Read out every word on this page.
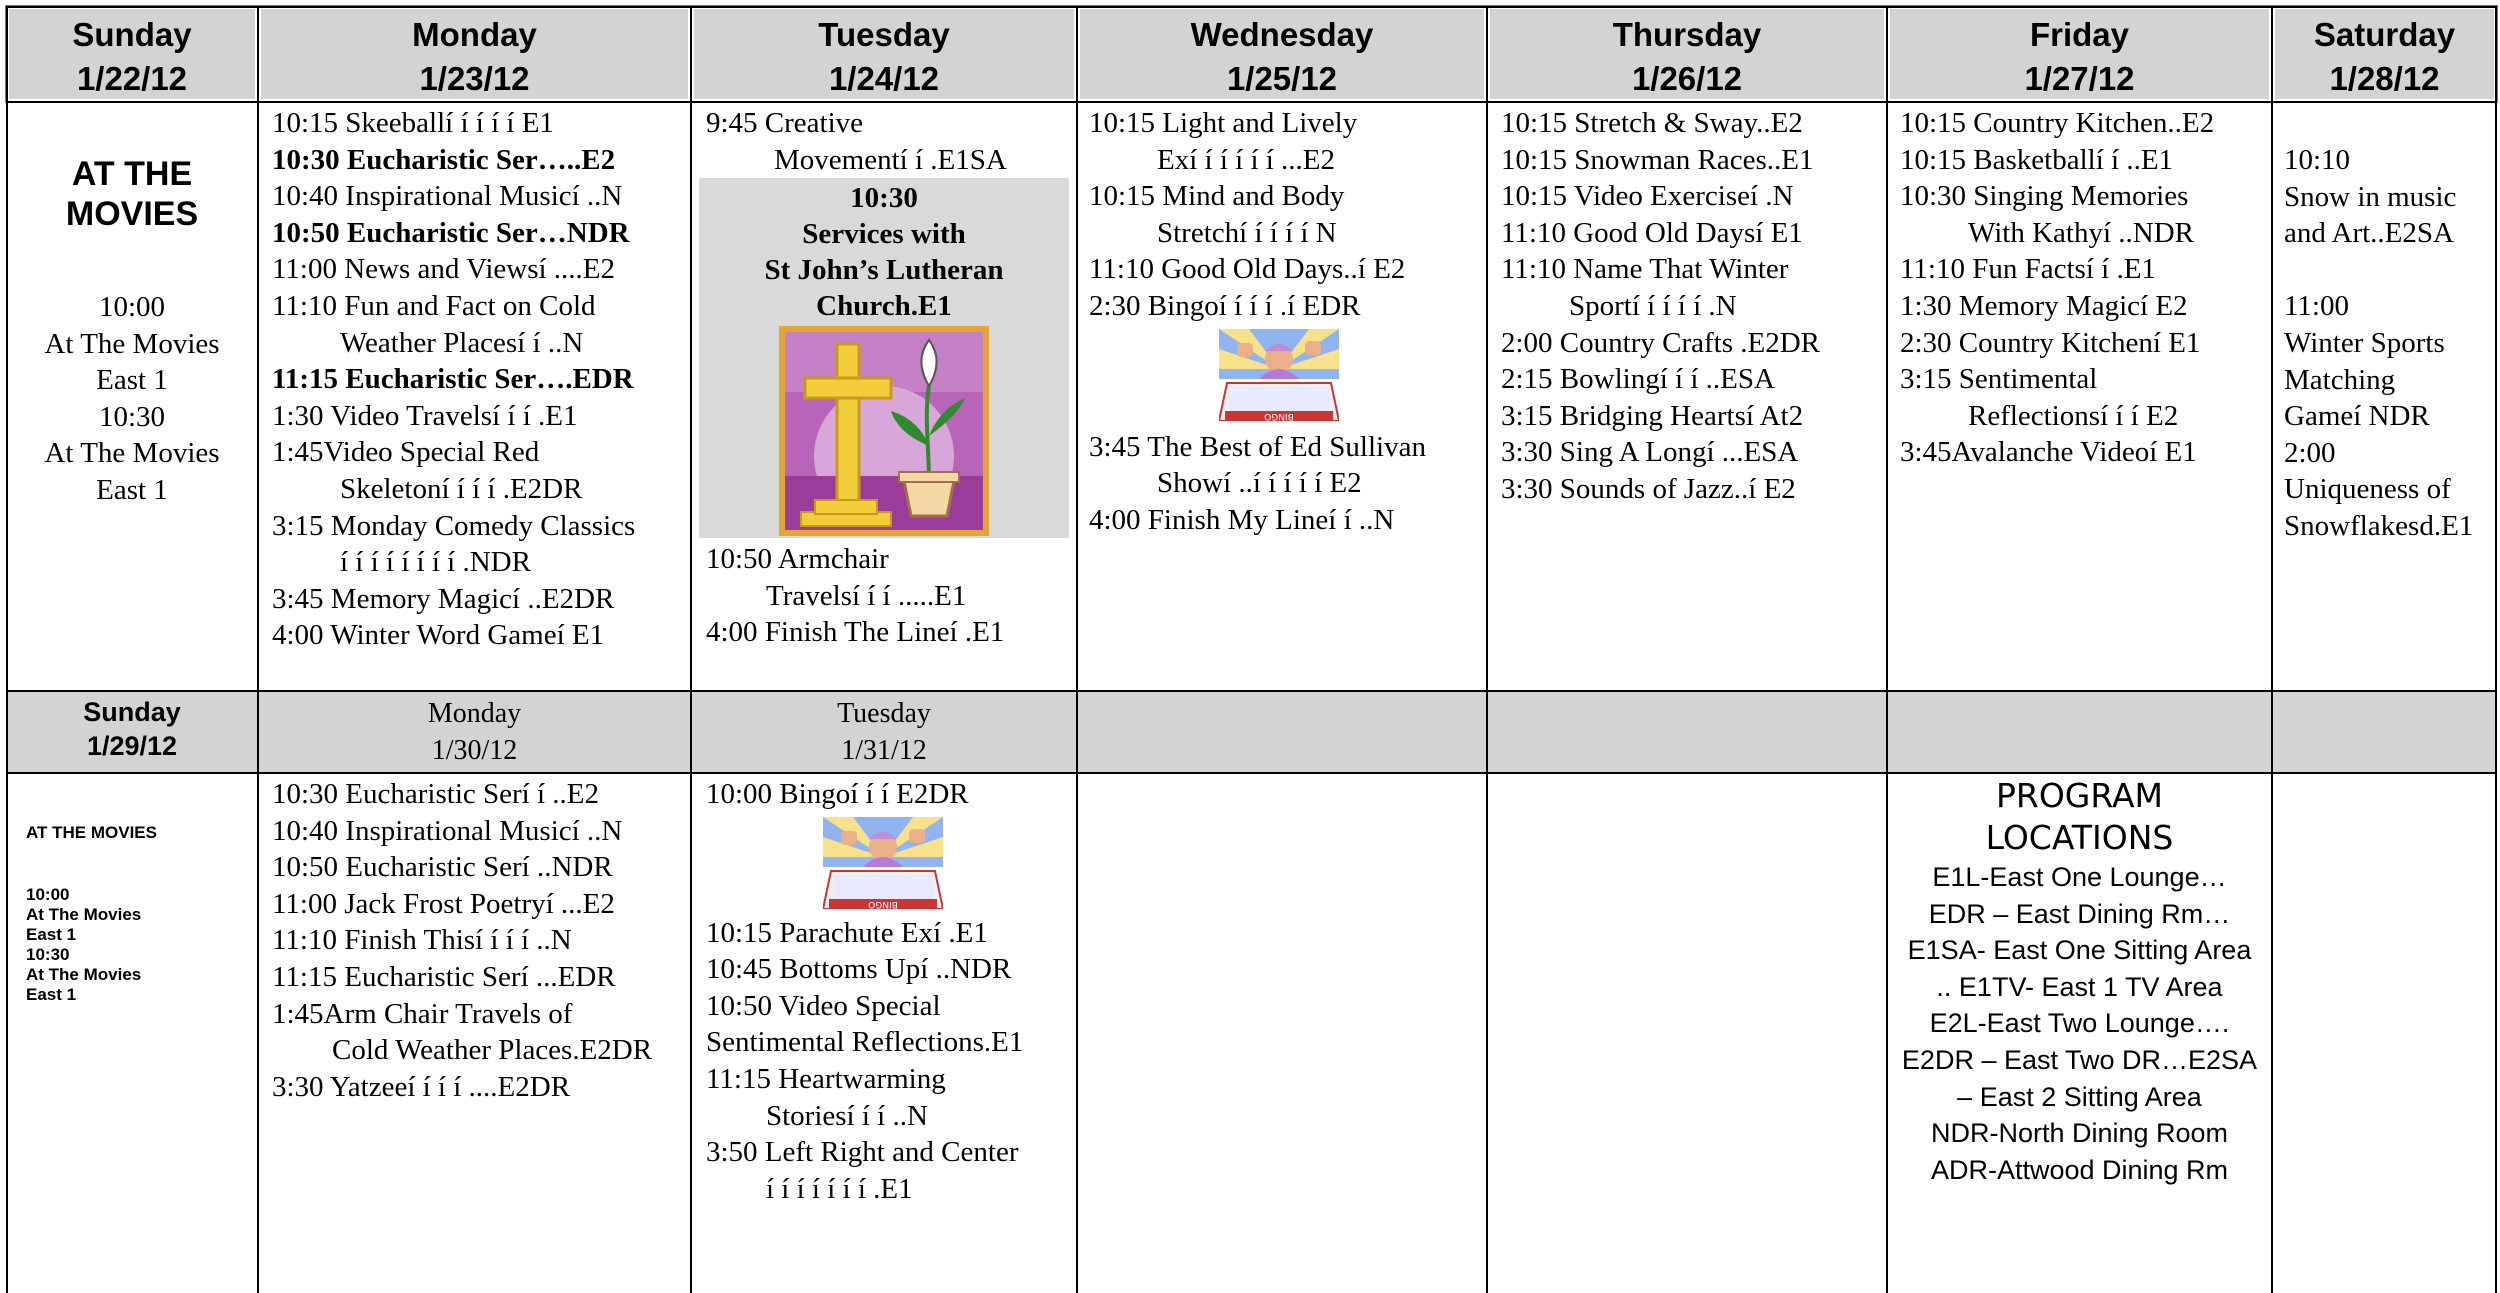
Sunday
1/22/12
Monday
1/23/12
Tuesday
1/24/12
Wednesday
1/25/12
Thursday
1/26/12
Friday
1/27/12
Saturday
1/28/12
AT THE
MOVIES
10:00
At The Movies
East 1
10:30
At The Movies
East 1
10:15 Skeeballí í í í í E1
10:30 Eucharistic Ser…..E2
10:40 Inspirational Musicí ..N
10:50 Eucharistic Ser…NDR
11:00 News and Viewsí ....E2
11:10 Fun and Fact on Cold
Weather Placesí í ..N
11:15 Eucharistic Ser….EDR
1:30 Video Travelsí í í .E1
1:45Video Special Red
Skeletoní í í í .E2DR
3:15 Monday Comedy Classics
í í í í í í í í .NDR
3:45 Memory Magicí ..E2DR
4:00 Winter Word Gameí E1
9:45 Creative
Movementí í .E1SA
10:30
Services with
St John’s Lutheran
Church.E1
10:50 Armchair
Travelsí í í .....E1
4:00 Finish The Lineí .E1
10:15 Light and Lively
Exí í í í í í ...E2
10:15 Mind and Body
Stretchí í í í í N
11:10 Good Old Days..í E2
2:30 Bingoí í í í .í EDR
BINGO
3:45 The Best of Ed Sullivan
Showí ..í í í í í E2
4:00 Finish My Lineí í ..N
10:15 Stretch & Sway..E2
10:15 Snowman Races..E1
10:15 Video Exerciseí .N
11:10 Good Old Daysí E1
11:10 Name That Winter
Sportí í í í í .N
2:00 Country Crafts .E2DR
2:15 Bowlingí í í ..ESA
3:15 Bridging Heartsí At2
3:30 Sing A Longí ...ESA
3:30 Sounds of Jazz..í E2
10:15 Country Kitchen..E2
10:15 Basketballí í ..E1
10:30 Singing Memories
With Kathyí ..NDR
11:10 Fun Factsí í .E1
1:30 Memory Magicí E2
2:30 Country Kitchení E1
3:15 Sentimental
Reflectionsí í í E2
3:45Avalanche Videoí E1
10:10
Snow in music
and Art..E2SA

11:00
Winter Sports
Matching
Gameí NDR
2:00
Uniqueness of
Snowflakesd.E1
Sunday
1/29/12
Monday
1/30/12
Tuesday
1/31/12
AT THE MOVIES
10:00
At The Movies
East 1
10:30
At The Movies
East 1
10:30 Eucharistic Serí í ..E2
10:40 Inspirational Musicí ..N
10:50 Eucharistic Serí ..NDR
11:00 Jack Frost Poetryí ...E2
11:10 Finish Thisí í í í ..N
11:15 Eucharistic Serí ...EDR
1:45Arm Chair Travels of
Cold Weather Places.E2DR
3:30 Yatzeeí í í í ....E2DR
10:00 Bingoí í í E2DR
BINGO
10:15 Parachute Exí .E1
10:45 Bottoms Upí ..NDR
10:50 Video Special
Sentimental Reflections.E1
11:15 Heartwarming
Storiesí í í ..N
3:50 Left Right and Center
í í í í í í í .E1
PROGRAM
LOCATIONS
E1L-East One Lounge…
EDR – East Dining Rm…
E1SA- East One Sitting Area
.. E1TV- East 1 TV Area
E2L-East Two Lounge….
E2DR – East Two DR…E2SA
– East 2 Sitting Area
NDR-North Dining Room
ADR-Attwood Dining Rm
